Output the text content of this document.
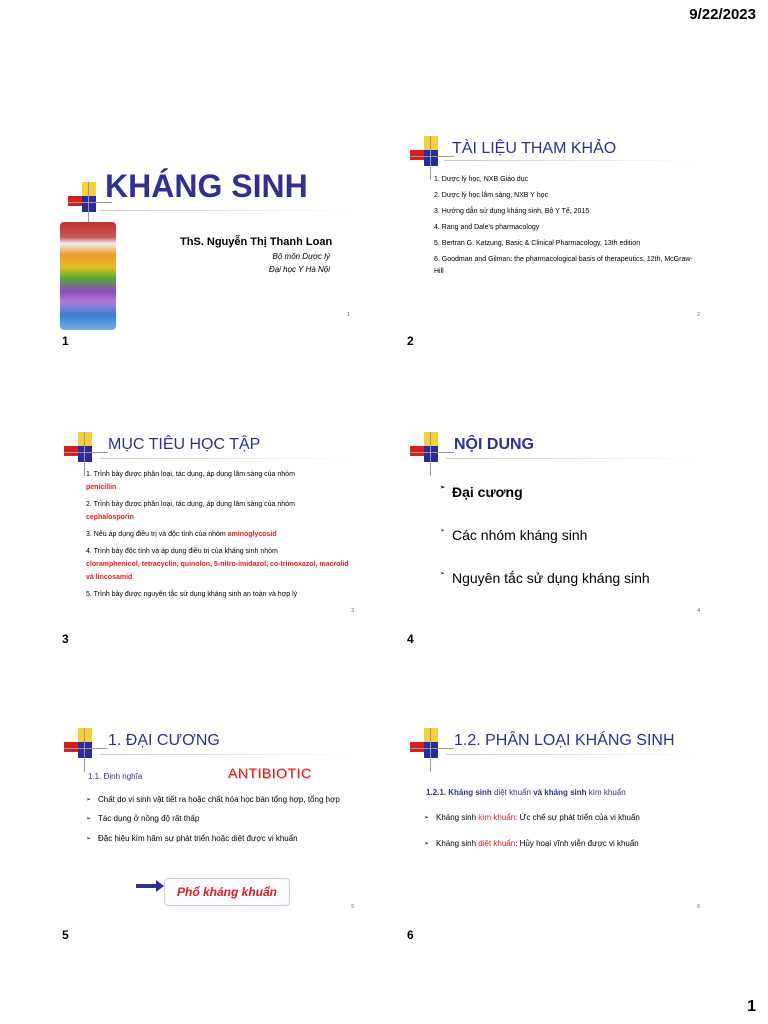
9/22/2023
KHÁNG SINH
ThS. Nguyễn Thị Thanh Loan
Bộ môn Dược lý
Đại học Y Hà Nội
1
1
TÀI LIỆU THAM KHẢO
1. Dược lý học, NXB Giáo dục
2. Dược lý học lâm sàng, NXB Y học
3. Hướng dẫn sử dụng kháng sinh, Bộ Y Tế, 2015
4. Rang and Dale's pharmacology
5. Bertran G. Katzung, Basic & Clinical Pharmacology, 13th edition
6. Goodman and Gilman: the pharmacological basis of therapeutics, 12th, McGraw- Hill
2
2
MỤC TIÊU HỌC TẬP
1. Trình bày được phân loại, tác dụng, áp dụng lâm sàng của nhóm
penicillin
2. Trình bày được phân loại, tác dụng, áp dụng lâm sàng của nhóm
cephalosporin
3. Nêu áp dụng điều trị và độc tính của nhóm aminoglycosid
4. Trình bày độc tính và áp dụng điều trị của kháng sinh nhóm
cloramphenicol, tetracyclin, quinolon, 5-nitro-imidazol, co-trimoxazol, macrolid và lincosamid
5. Trình bày được nguyên tắc sử dụng kháng sinh an toàn và hợp lý
3
3
NỘI DUNG
➢ Đại cương
➢ Các nhóm kháng sinh
➢ Nguyên tắc sử dụng kháng sinh
4
4
1. ĐẠI CƯƠNG
1.1. Định nghĩa	ANTIBIOTIC
➢ Chất do vi sinh vật tiết ra hoặc chất hóa học bán tổng hợp, tổng hợp
➢ Tác dụng ở nồng độ rất thấp
➢ Đặc hiệu kìm hãm sự phát triển hoặc diệt được vi khuẩn
Phổ kháng khuẩn
5
5
1.2. PHÂN LOẠI KHÁNG SINH
1.2.1. Kháng sinh diệt khuẩn và kháng sinh kìm khuẩn
➢ Kháng sinh kìm khuẩn: Ức chế sự phát triển của vi khuẩn
➢ Kháng sinh diệt khuẩn: Hủy hoại vĩnh viễn được vi khuẩn
6
6
1
